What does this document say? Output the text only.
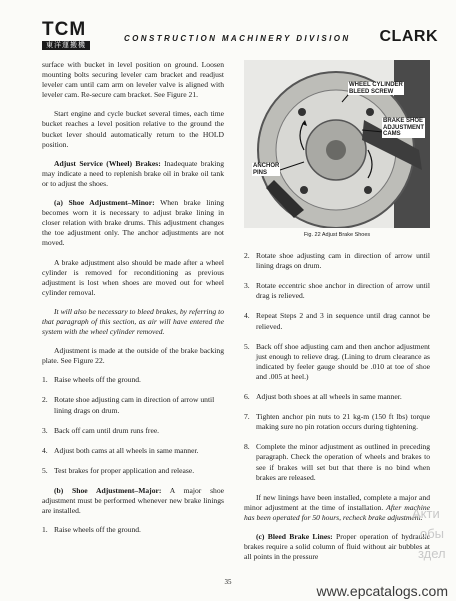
TCM
東洋運搬機
CONSTRUCTION MACHINERY DIVISION CLARK

surface with bucket in level position on ground. Loosen mounting bolts securing leveler cam bracket and readjust leveler cam until cam arm on leveler valve is aligned with leveler cam. Re-secure cam bracket. See Figure 21.

Start engine and cycle bucket several times, each time bucket reaches a level position relative to the ground the bucket lever should automatically return to the HOLD position.

Adjust Service (Wheel) Brakes: Inadequate braking may indicate a need to replenish brake oil in brake oil tank or to adjust the shoes.

(a) Shoe Adjustment–Minor: When brake lining becomes worn it is necessary to adjust brake lining in closer relation with brake drums. This adjustment changes the toe adjustment only. The anchor adjustments are not moved.

A brake adjustment also should be made after a wheel cylinder is removed for reconditioning as previous adjustment is lost when shoes are moved out for wheel cylinder removal.

It will also be necessary to bleed brakes, by referring to that paragraph of this section, as air will have entered the system with the wheel cylinder removed.

Adjustment is made at the outside of the brake backing plate. See Figure 22.

1. Raise wheels off the ground.
2. Rotate shoe adjusting cam in direction of arrow until lining drags on drum.
3. Back off cam until drum runs free.
4. Adjust both cams at all wheels in same manner.
5. Test brakes for proper application and release.

(b) Shoe Adjustment–Major: A major shoe adjustment must be performed whenever new brake linings are installed.

1. Raise wheels off the ground.
WHEEL CYLINDER
BLEED SCREW
BRAKE SHOE
ADJUSTMENT
CAMS
ANCHOR
PINS
Fig. 22 Adjust Brake Shoes
2. Rotate shoe adjusting cam in direction of arrow until lining drags on drum.
3. Rotate eccentric shoe anchor in direction of arrow until drag is relieved.
4. Repeat Steps 2 and 3 in sequence until drag cannot be relieved.
5. Back off shoe adjusting cam and then anchor adjustment just enough to relieve drag. (Lining to drum clearance as indicated by feeler gauge should be .010 at toe of shoe and .005 at heel.)
6. Adjust both shoes at all wheels in same manner.
7. Tighten anchor pin nuts to 21 kg-m (150 ft lbs) torque making sure no pin rotation occurs during tightening.
8. Complete the minor adjustment as outlined in preceding paragraph. Check the operation of wheels and brakes to see if brakes will set but that there is no bind when brakes are released.

If new linings have been installed, complete a major and minor adjustment at the time of installation. After machine has been operated for 50 hours, recheck brake adjustment.

(c) Bleed Brake Lines: Proper operation of hydraulic brakes require a solid column of fluid without air bubbles at all points in the pressure

35
Акти
обы
здел
www.epcatalogs.com
